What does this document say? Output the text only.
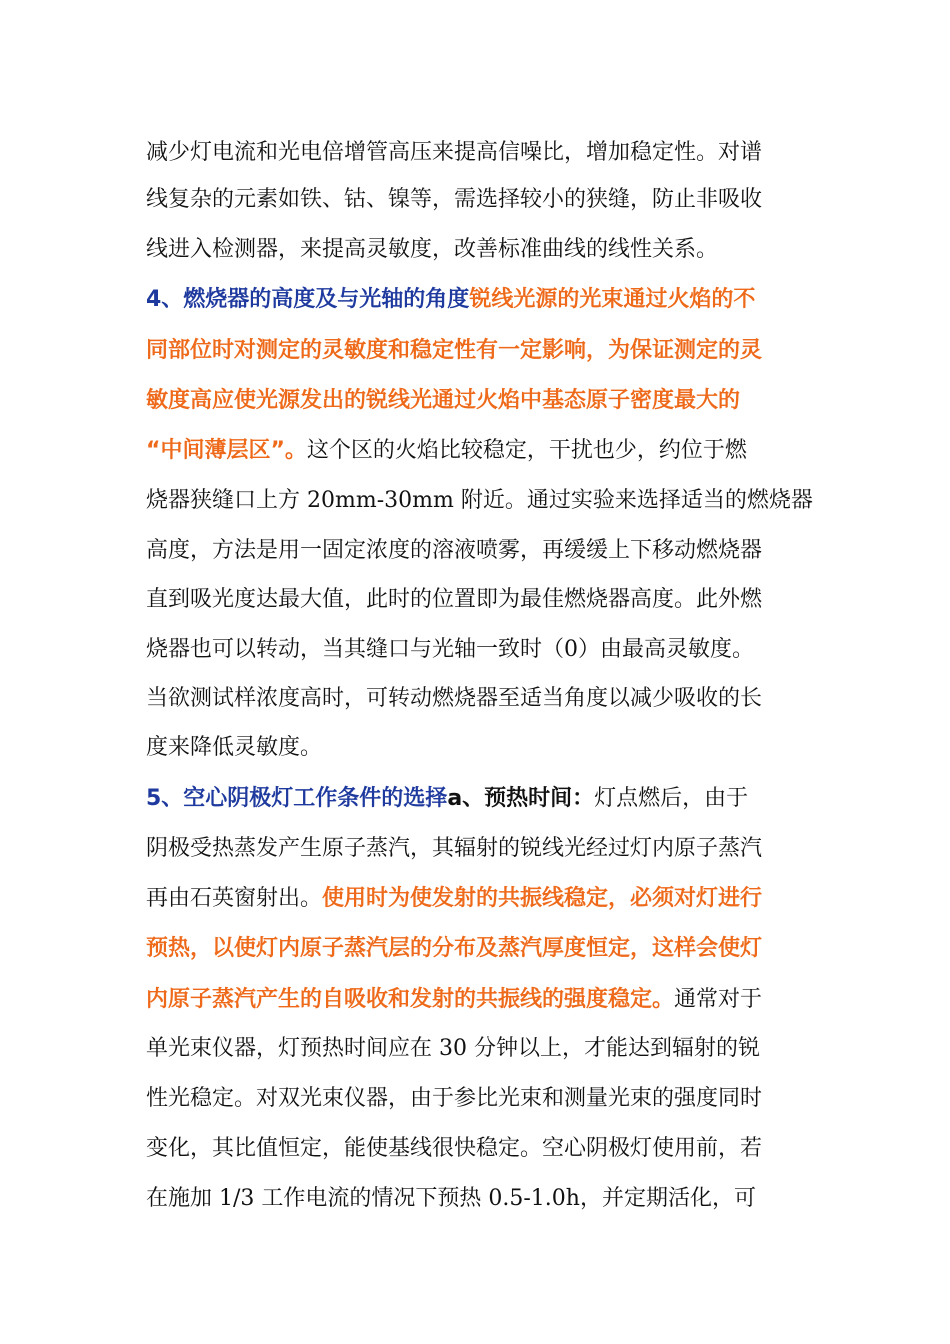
减少灯电流和光电倍增管高压来提高信噪比，增加稳定性。对谱
线复杂的元素如铁、钴、镍等，需选择较小的狭缝，防止非吸收
线进入检测器，来提高灵敏度，改善标准曲线的线性关系。
4、燃烧器的高度及与光轴的角度锐线光源的光束通过火焰的不
同部位时对测定的灵敏度和稳定性有一定影响，为保证测定的灵
敏度高应使光源发出的锐线光通过火焰中基态原子密度最大的
“中间薄层区”。这个区的火焰比较稳定，干扰也少，约位于燃
烧器狭缝口上方 20mm-30mm 附近。通过实验来选择适当的燃烧器
高度，方法是用一固定浓度的溶液喷雾，再缓缓上下移动燃烧器
直到吸光度达最大值，此时的位置即为最佳燃烧器高度。此外燃
烧器也可以转动，当其缝口与光轴一致时（0）由最高灵敏度。
当欲测试样浓度高时，可转动燃烧器至适当角度以减少吸收的长
度来降低灵敏度。
5、空心阴极灯工作条件的选择a、预热时间：灯点燃后，由于
阴极受热蒸发产生原子蒸汽，其辐射的锐线光经过灯内原子蒸汽
再由石英窗射出。使用时为使发射的共振线稳定，必须对灯进行
预热，以使灯内原子蒸汽层的分布及蒸汽厚度恒定，这样会使灯
内原子蒸汽产生的自吸收和发射的共振线的强度稳定。通常对于
单光束仪器，灯预热时间应在 30 分钟以上，才能达到辐射的锐
性光稳定。对双光束仪器，由于参比光束和测量光束的强度同时
变化，其比值恒定，能使基线很快稳定。空心阴极灯使用前，若
在施加 1/3 工作电流的情况下预热 0.5-1.0h，并定期活化，可
